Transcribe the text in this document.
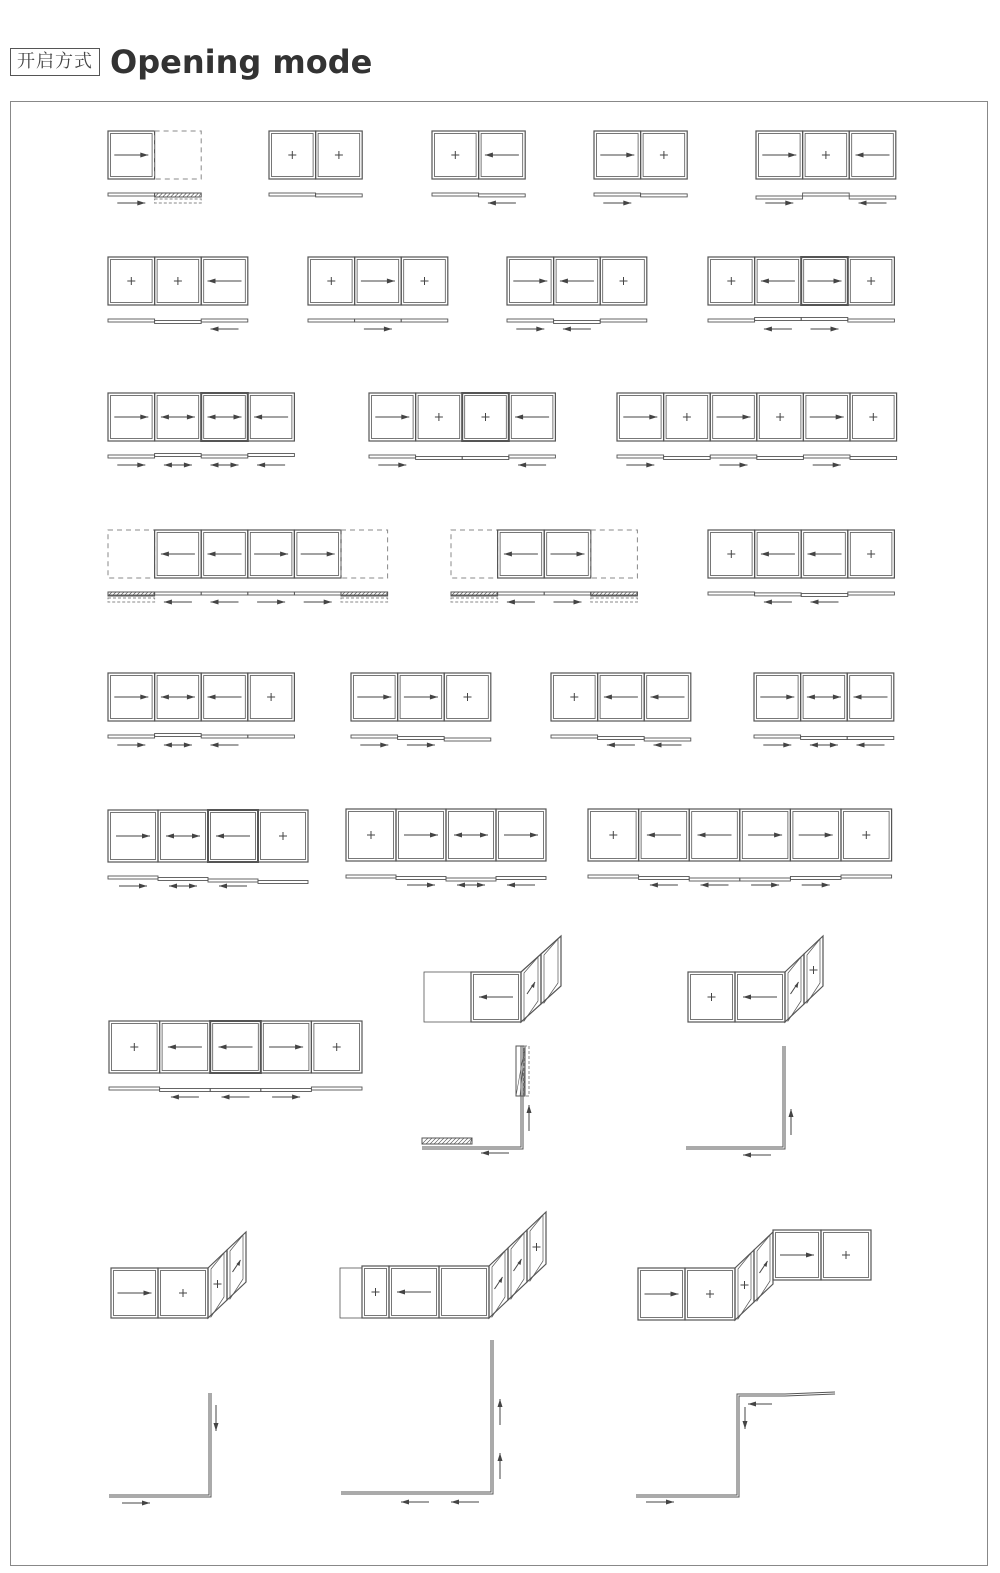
开启方式 Opening mode
